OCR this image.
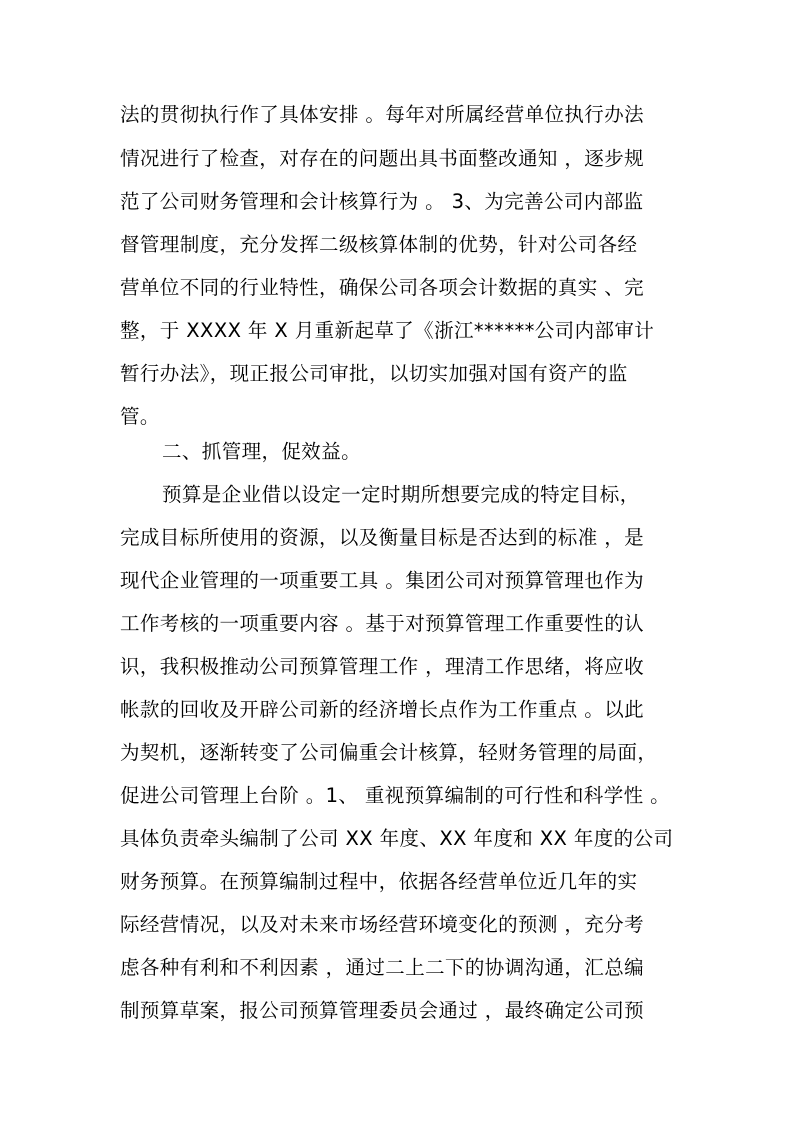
法的贯彻执行作了具体安排 。每年对所属经营单位执行办法
情况进行了检查，对存在的问题出具书面整改通知 ，逐步规
范了公司财务管理和会计核算行为 。 3、为完善公司内部监
督管理制度，充分发挥二级核算体制的优势，针对公司各经
营单位不同的行业特性，确保公司各项会计数据的真实 、完
整，于 XXXX 年 X 月重新起草了《浙江******公司内部审计
暂行办法》，现正报公司审批，以切实加强对国有资产的监
管。
二、抓管理，促效益。
预算是企业借以设定一定时期所想要完成的特定目标，
完成目标所使用的资源，以及衡量目标是否达到的标准 ，是
现代企业管理的一项重要工具 。集团公司对预算管理也作为
工作考核的一项重要内容 。基于对预算管理工作重要性的认
识，我积极推动公司预算管理工作 ，理清工作思绪，将应收
帐款的回收及开辟公司新的经济增长点作为工作重点 。以此
为契机，逐渐转变了公司偏重会计核算，轻财务管理的局面，
促进公司管理上台阶 。1、 重视预算编制的可行性和科学性 。
具体负责牵头编制了公司 XX 年度、XX 年度和 XX 年度的公司
财务预算。在预算编制过程中，依据各经营单位近几年的实
际经营情况，以及对未来市场经营环境变化的预测 ，充分考
虑各种有利和不利因素 ，通过二上二下的协调沟通，汇总编
制预算草案，报公司预算管理委员会通过 ，最终确定公司预
